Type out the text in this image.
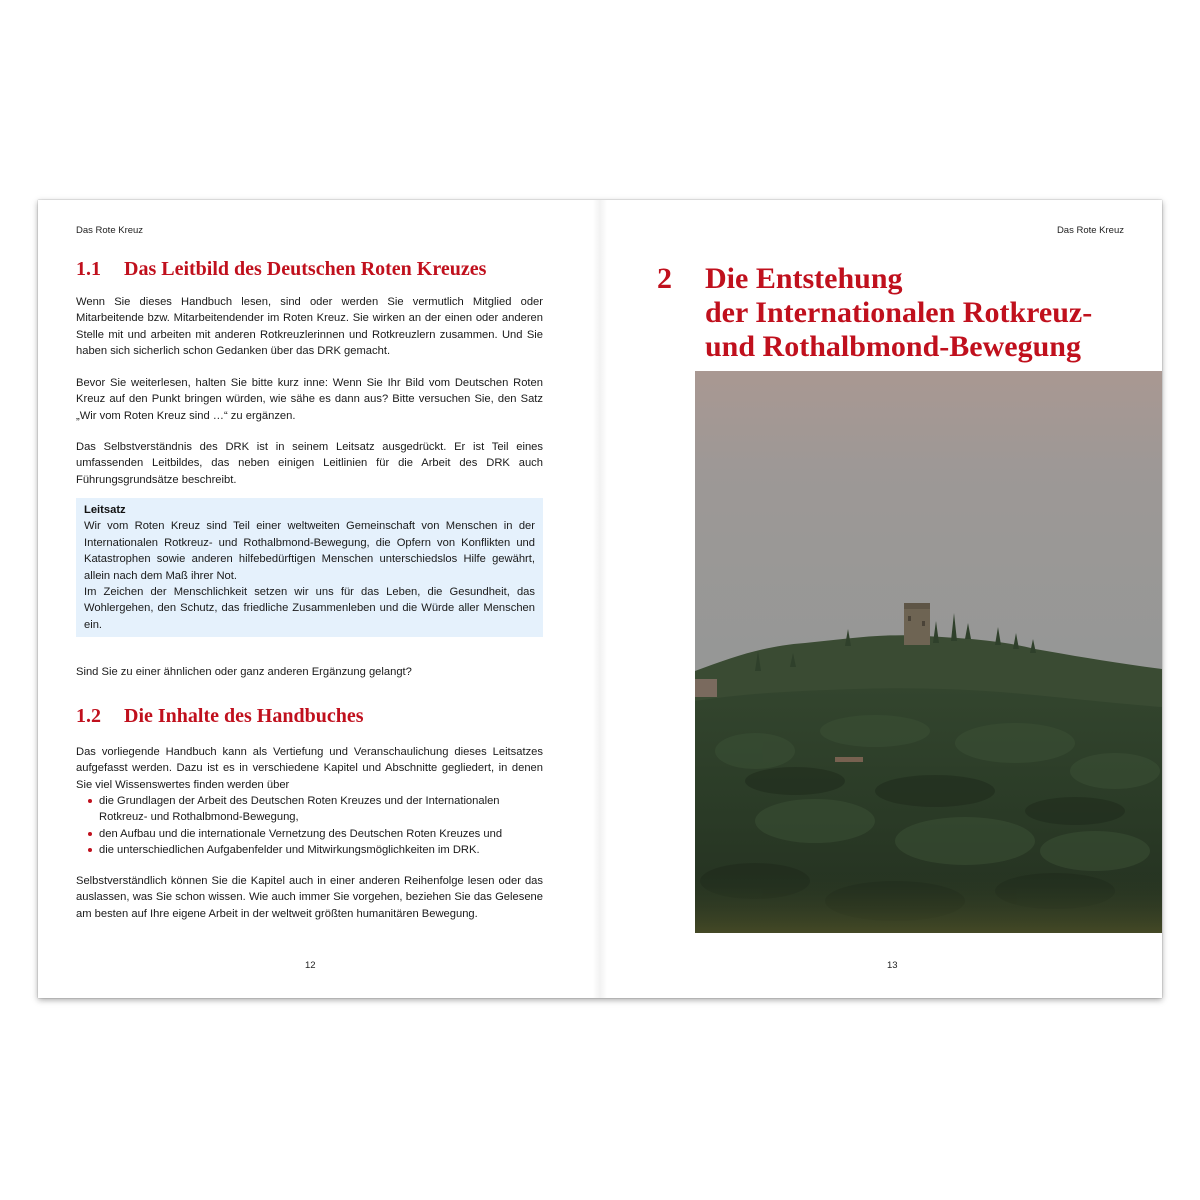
Das Rote Kreuz
1.1 Das Leitbild des Deutschen Roten Kreuzes

Wenn Sie dieses Handbuch lesen, sind oder werden Sie vermutlich Mitglied oder Mitarbeitende bzw. Mitarbeitendender im Roten Kreuz. Sie wirken an der einen oder anderen Stelle mit und arbeiten mit anderen Rotkreuzlerinnen und Rotkreuzlern zusammen. Und Sie haben sich sicherlich schon Gedanken über das DRK gemacht.

Bevor Sie weiterlesen, halten Sie bitte kurz inne: Wenn Sie Ihr Bild vom Deutschen Roten Kreuz auf den Punkt bringen würden, wie sähe es dann aus? Bitte versuchen Sie, den Satz „Wir vom Roten Kreuz sind …“ zu ergänzen.

Das Selbstverständnis des DRK ist in seinem Leitsatz ausgedrückt. Er ist Teil eines umfassenden Leitbildes, das neben einigen Leitlinien für die Arbeit des DRK auch Führungsgrundsätze beschreibt.

Leitsatz

Wir vom Roten Kreuz sind Teil einer weltweiten Gemeinschaft von Menschen in der Internationalen Rotkreuz- und Rothalbmond-Bewegung, die Opfern von Konflikten und Katastrophen sowie anderen hilfebedürftigen Menschen unterschiedslos Hilfe gewährt, allein nach dem Maß ihrer Not.

Im Zeichen der Menschlichkeit setzen wir uns für das Leben, die Gesundheit, das Wohlergehen, den Schutz, das friedliche Zusammenleben und die Würde aller Menschen ein.

Sind Sie zu einer ähnlichen oder ganz anderen Ergänzung gelangt?

1.2 Die Inhalte des Handbuches

Das vorliegende Handbuch kann als Vertiefung und Veranschaulichung dieses Leitsatzes aufgefasst werden. Dazu ist es in verschiedene Kapitel und Abschnitte gegliedert, in denen Sie viel Wissenswertes finden werden über

die Grundlagen der Arbeit des Deutschen Roten Kreuzes und der Internationalen Rotkreuz- und Rothalbmond-Bewegung,
den Aufbau und die internationale Vernetzung des Deutschen Roten Kreuzes und
die unterschiedlichen Aufgabenfelder und Mitwirkungsmöglichkeiten im DRK.

Selbstverständlich können Sie die Kapitel auch in einer anderen Reihenfolge lesen oder das auslassen, was Sie schon wissen. Wie auch immer Sie vorgehen, beziehen Sie das Gelesene am besten auf Ihre eigene Arbeit in der weltweit größten humanitären Bewegung.

12
Das Rote Kreuz
2 Die Entstehung
der Internationalen Rotkreuz-
und Rothalbmond-Bewegung
13
